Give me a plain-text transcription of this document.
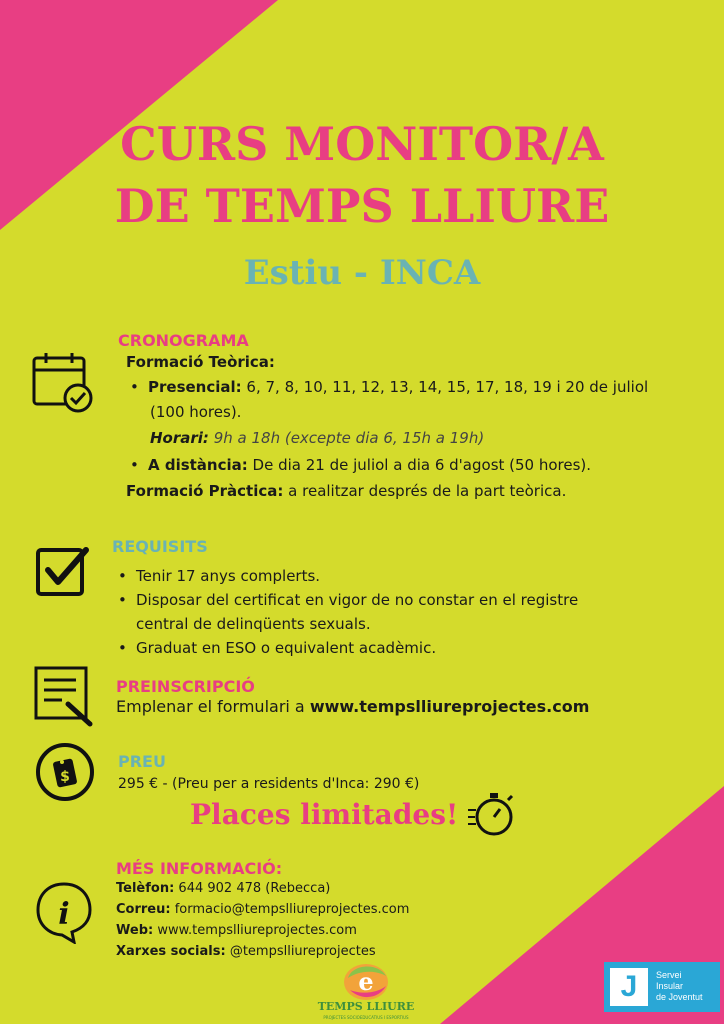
CURS MONITOR/A
DE TEMPS LLIURE
Estiu - INCA
CRONOGRAMA
Formació Teòrica:
• Presencial: 6, 7, 8, 10, 11, 12, 13, 14, 15, 17, 18, 19 i 20 de juliol
(100 hores).
Horari: 9h a 18h (excepte dia 6, 15h a 19h)
• A distància: De dia 21 de juliol a dia 6 d'agost (50 hores).
Formació Pràctica: a realitzar després de la part teòrica.
REQUISITS
• Tenir 17 anys complerts.
• Disposar del certificat en vigor de no constar en el registre
central de delinqüents sexuals.
• Graduat en ESO o equivalent acadèmic.
PREINSCRIPCIÓ
Emplenar el formulari a www.tempslliureprojectes.com
$
PREU
295 € - (Preu per a residents d'Inca: 290 €)
Places limitades!
i
MÉS INFORMACIÓ:
Telèfon: 644 902 478 (Rebecca)
Correu: formacio@tempslliureprojectes.com
Web: www.tempslliureprojectes.com
Xarxes socials: @tempslliureprojectes
e
TEMPS LLIURE
PROJECTES SOCIOEDUCATIUS I ESPORTIUS
J	Servei
Insular
de Joventut
